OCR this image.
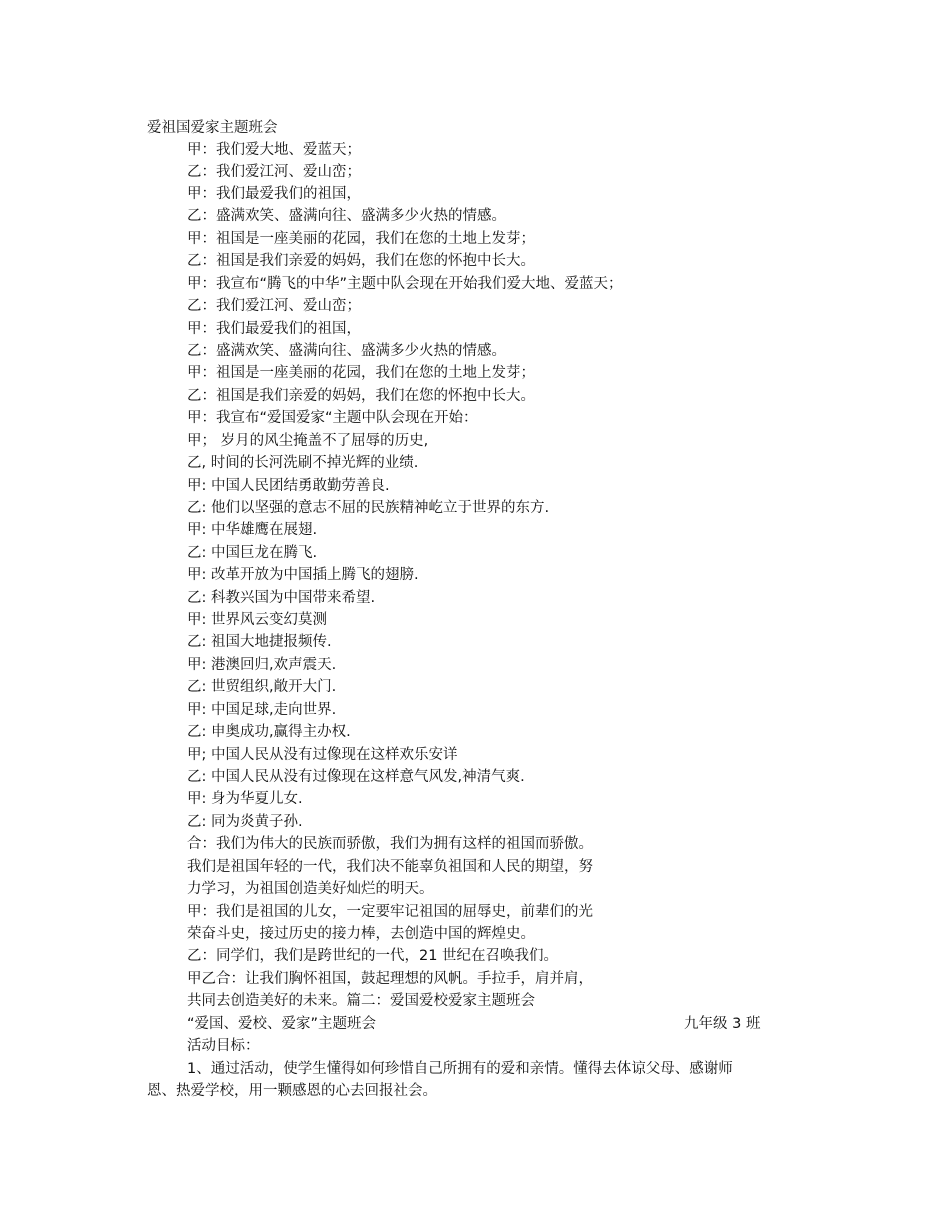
爱祖国爱家主题班会
甲：我们爱大地、爱蓝天；
乙：我们爱江河、爱山峦；
甲：我们最爱我们的祖国，
乙：盛满欢笑、盛满向往、盛满多少火热的情感。
甲：祖国是一座美丽的花园，我们在您的土地上发芽；
乙：祖国是我们亲爱的妈妈，我们在您的怀抱中长大。
甲：我宣布“腾飞的中华”主题中队会现在开始我们爱大地、爱蓝天；
乙：我们爱江河、爱山峦；
甲：我们最爱我们的祖国，
乙：盛满欢笑、盛满向往、盛满多少火热的情感。
甲：祖国是一座美丽的花园，我们在您的土地上发芽；
乙：祖国是我们亲爱的妈妈，我们在您的怀抱中长大。
甲：我宣布“爱国爱家“主题中队会现在开始：
甲； 岁月的风尘掩盖不了屈辱的历史,
乙, 时间的长河洗刷不掉光辉的业绩.
甲: 中国人民团结勇敢勤劳善良.
乙: 他们以坚强的意志不屈的民族精神屹立于世界的东方.
甲: 中华雄鹰在展翅.
乙: 中国巨龙在腾飞.
甲: 改革开放为中国插上腾飞的翅膀.
乙: 科教兴国为中国带来希望.
甲: 世界风云变幻莫测
乙: 祖国大地捷报频传.
甲: 港澳回归,欢声震天.
乙: 世贸组织,敞开大门.
甲: 中国足球,走向世界.
乙: 申奥成功,赢得主办权.
甲; 中国人民从没有过像现在这样欢乐安详
乙: 中国人民从没有过像现在这样意气风发,神清气爽.
甲: 身为华夏儿女.
乙: 同为炎黄子孙.
合：我们为伟大的民族而骄傲，我们为拥有这样的祖国而骄傲。
我们是祖国年轻的一代，我们决不能辜负祖国和人民的期望，努
力学习，为祖国创造美好灿烂的明天。
甲：我们是祖国的儿女，一定要牢记祖国的屈辱史，前辈们的光
荣奋斗史，接过历史的接力棒，去创造中国的辉煌史。
乙：同学们，我们是跨世纪的一代，21 世纪在召唤我们。
甲乙合：让我们胸怀祖国，鼓起理想的风帆。手拉手，肩并肩，
共同去创造美好的未来。篇二：爱国爱校爱家主题班会
“爱国、爱校、爱家”主题班会	九年级 3 班
活动目标：
1、通过活动，使学生懂得如何珍惜自己所拥有的爱和亲情。懂得去体谅父母、感谢师
恩、热爱学校，用一颗感恩的心去回报社会。
